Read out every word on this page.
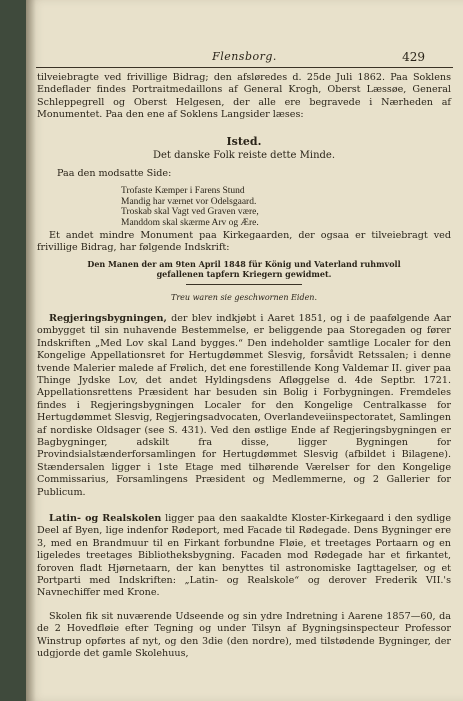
Flensborg.	429
tilveiebragte ved frivillige Bidrag; den afsløredes d. 25de Juli 1862. Paa Soklens Endeflader findes Portraitmedaillons af General Krogh, Oberst Læssøe, General Schleppegrell og Oberst Helgesen, der alle ere begravede i Nærheden af Monumentet. Paa den ene af Soklens Langsider læses:
Isted.
Det danske Folk reiste dette Minde.
Paa den modsatte Side:
Trofaste Kæmper i Farens Stund
Mandig har værnet vor Odelsgaard.
Troskab skal Vagt ved Graven være,
Manddom skal skærme Arv og Ære.
Et andet mindre Monument paa Kirkegaarden, der ogsaa er tilveiebragt ved frivillige Bidrag, har følgende Indskrift:
Den Manen der am 9ten April 1848 für König und Vaterland ruhmvoll gefallenen tapfern Kriegern gewidmet.
Treu waren sie geschwornen Eiden.
Regjeringsbygningen, der blev indkjøbt i Aaret 1851, og i de paafølgende Aar ombygget til sin nuhavende Bestemmelse, er beliggende paa Storegaden og fører Indskriften „Med Lov skal Land bygges.“ Den indeholder samtlige Localer for den Kongelige Appellationsret for Hertugdømmet Slesvig, forsåvidt Retssalen; i denne tvende Malerier malede af Frølich, det ene forestillende Kong Valdemar II. giver paa Thinge Jydske Lov, det andet Hyldingsdens Afløggelse d. 4de Septbr. 1721. Appellationsrettens Præsident har besuden sin Bolig i Forbygningen. Fremdeles findes i Regjeringsbygningen Localer for den Kongelige Centralkasse for Hertugdømmet Slesvig, Regjeringsadvocaten, Overlandeveiinspectoratet, Samlingen af nordiske Oldsager (see S. 431). Ved den østlige Ende af Regjeringsbygningen er Bagbygninger, adskilt fra disse, ligger Bygningen for Provindsialstænderforsamlingen for Hertugdømmet Slesvig (afbildet i Bilagene). Stændersalen ligger i 1ste Etage med tilhørende Værelser for den Kongelige Commissarius, Forsamlingens Præsident og Medlemmerne, og 2 Gallerier for Publicum.
Latin- og Realskolen ligger paa den saakaldte Kloster-Kirkegaard i den sydlige Deel af Byen, lige indenfor Rødeport, med Facade til Rødegade. Dens Bygninger ere 3, med en Brandmuur til en Firkant forbundne Fløie, et treetages Portaarn og en ligeledes treetages Bibliotheksbygning. Facaden mod Rødegade har et firkantet, foroven fladt Hjørnetaarn, der kan benyttes til astronomiske Iagttagelser, og et Portparti med Indskriften: „Latin- og Realskole“ og derover Frederik VII.'s Navnechiffer med Krone.
Skolen fik sit nuværende Udseende og sin ydre Indretning i Aarene 1857—60, da de 2 Hovedfløie efter Tegning og under Tilsyn af Bygningsinspecteur Professor Winstrup opførtes af nyt, og den 3die (den nordre), med tilstødende Bygninger, der udgjorde det gamle Skolehuus,
